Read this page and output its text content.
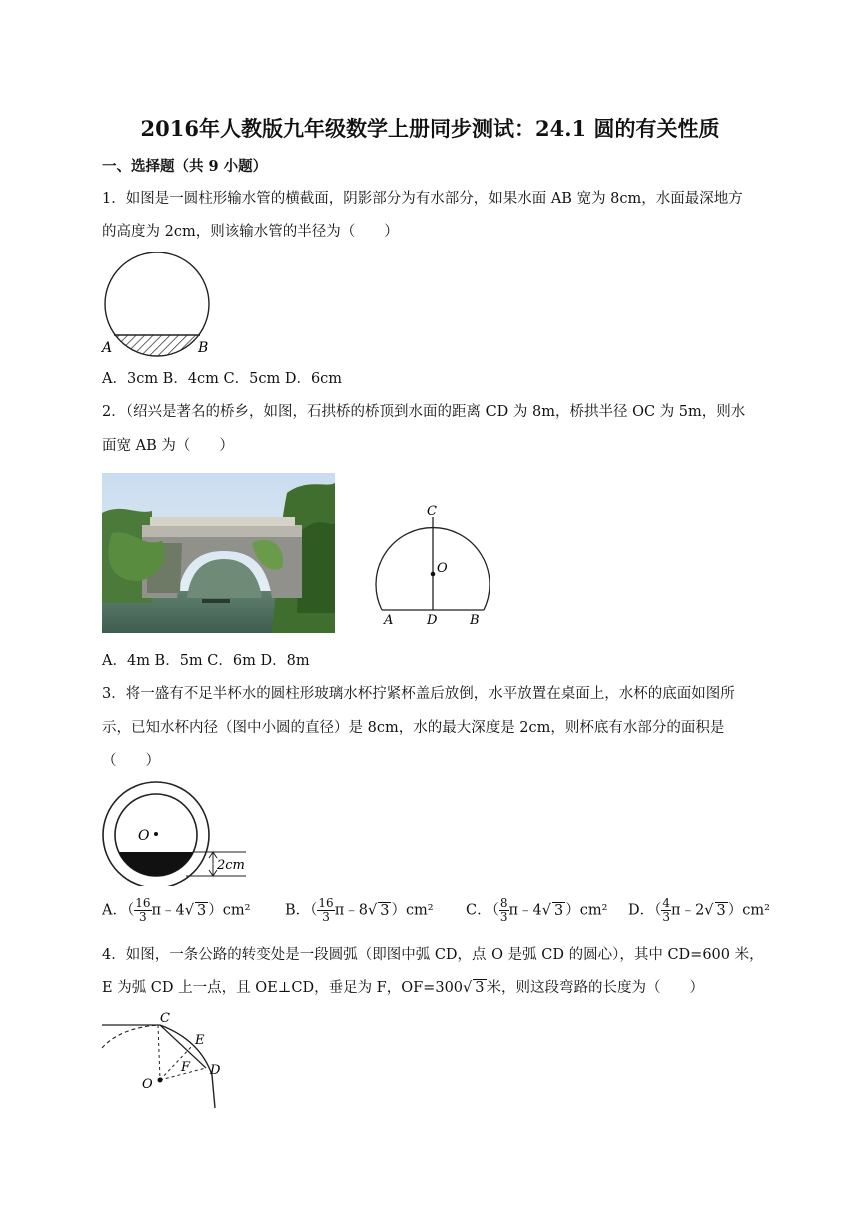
2016年人教版九年级数学上册同步测试：24.1 圆的有关性质
一、选择题（共 9 小题）
1．如图是一圆柱形输水管的横截面，阴影部分为有水部分，如果水面 AB 宽为 8cm，水面最深地方
的高度为 2cm，则该输水管的半径为（　　）
A	B
A．3cm B．4cm C．5cm D．6cm
2．（绍兴是著名的桥乡，如图，石拱桥的桥顶到水面的距离 CD 为 8m，桥拱半径 OC 为 5m，则水
面宽 AB 为（　　）
C
O
A	D	B
A．4m B．5m C．6m D．8m
3．将一盛有不足半杯水的圆柱形玻璃水杯拧紧杯盖后放倒，水平放置在桌面上，水杯的底面如图所
示，已知水杯内径（图中小圆的直径）是 8cm，水的最大深度是 2cm，则杯底有水部分的面积是
（　　）
O
2cm
A．（ $\frac{16}{3}$ π﹣4√ 3 ）cm² B．（ $\frac{16}{3}$ π﹣8√ 3 ）cm² C．（ $\frac{8}{3}$ π﹣4√ 3 ）cm² D．（ $\frac{4}{3}$ π﹣2√ 3 ）cm²
4．如图，一条公路的转变处是一段圆弧（即图中弧 CD，点 O 是弧 CD 的圆心），其中 CD=600 米，
E 为弧 CD 上一点，且 OE⊥CD，垂足为 F，OF=300√ 3 米，则这段弯路的长度为（　　）
C
E
F D
O
